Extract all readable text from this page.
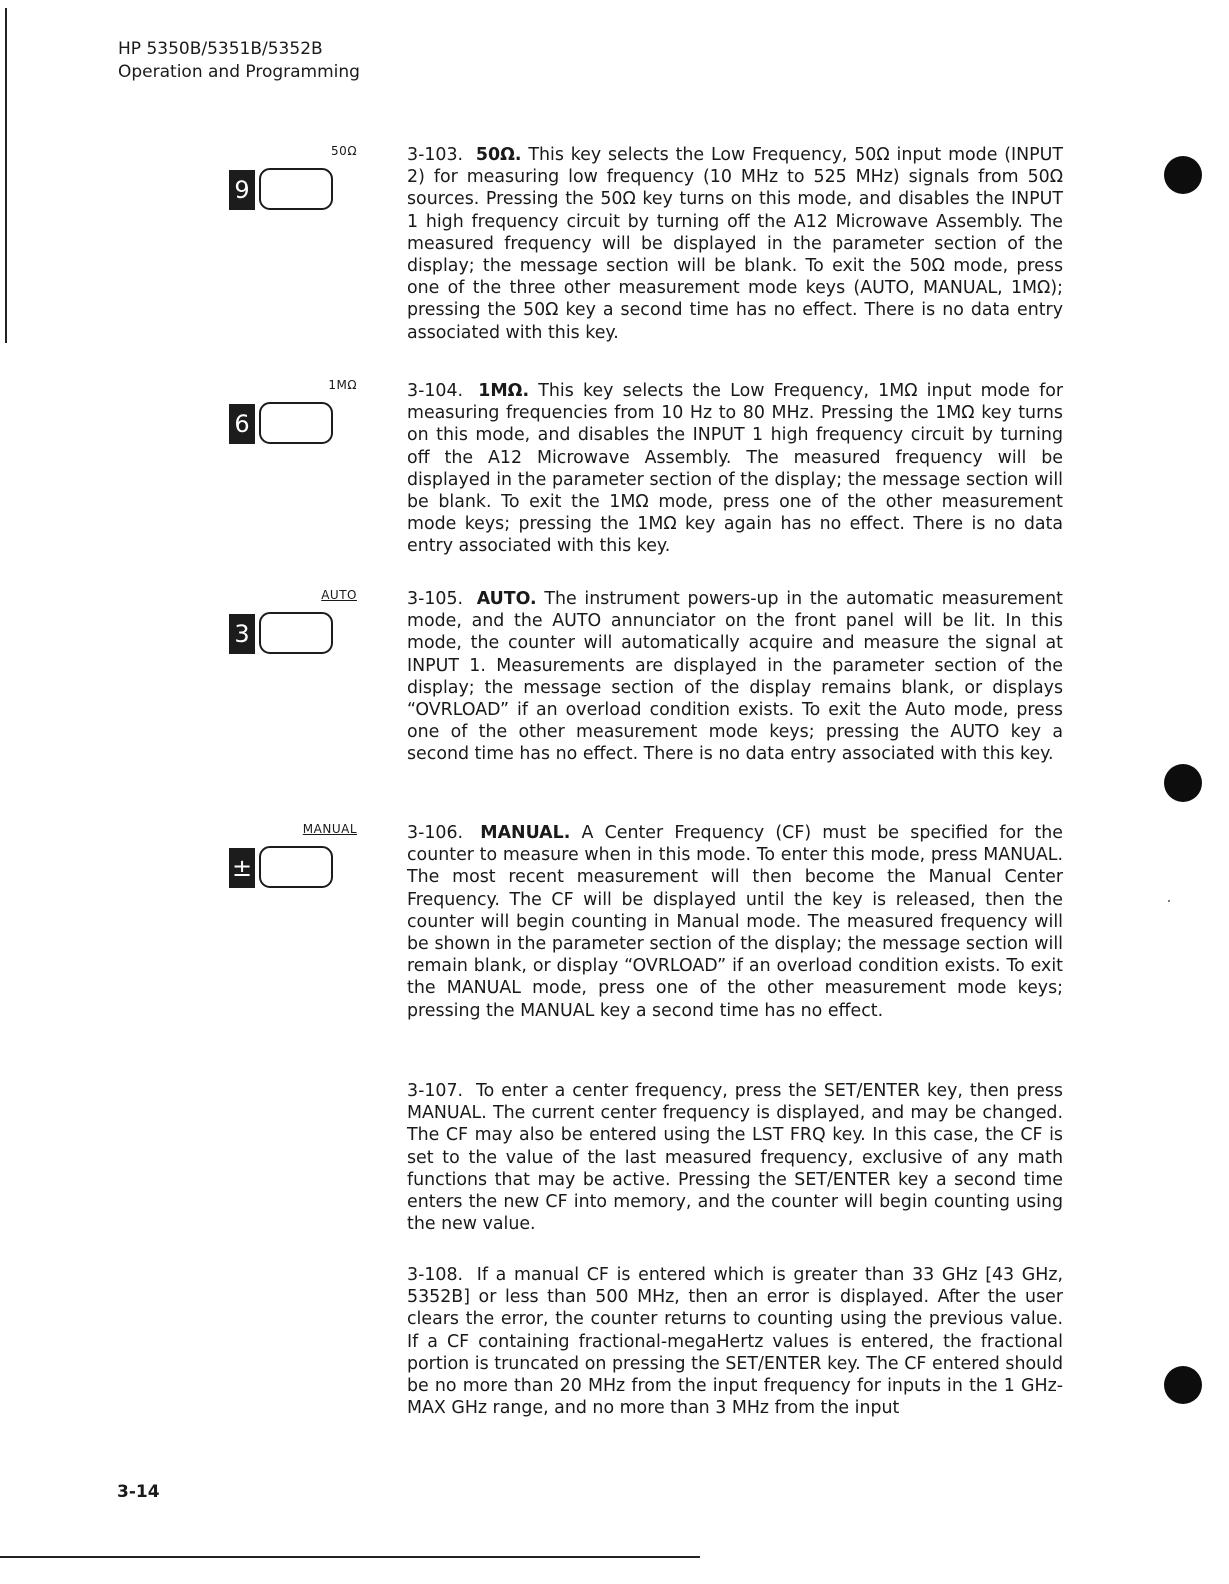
HP 5350B/5351B/5352B
Operation and Programming
50Ω
9
3-103. 50Ω. This key selects the Low Frequency, 50Ω input mode (INPUT 2) for measuring low frequency (10 MHz to 525 MHz) signals from 50Ω sources. Pressing the 50Ω key turns on this mode, and disables the INPUT 1 high frequency circuit by turning off the A12 Microwave Assembly. The measured frequency will be displayed in the parameter section of the display; the message section will be blank. To exit the 50Ω mode, press one of the three other measurement mode keys (AUTO, MANUAL, 1MΩ); pressing the 50Ω key a second time has no effect. There is no data entry associated with this key.
1MΩ
6
3-104. 1MΩ. This key selects the Low Frequency, 1MΩ input mode for measuring frequencies from 10 Hz to 80 MHz. Pressing the 1MΩ key turns on this mode, and disables the INPUT 1 high frequency circuit by turning off the A12 Microwave Assembly. The measured frequency will be displayed in the parameter section of the display; the message section will be blank. To exit the 1MΩ mode, press one of the other measurement mode keys; pressing the 1MΩ key again has no effect. There is no data entry associated with this key.
AUTO
3
3-105. AUTO. The instrument powers-up in the automatic measurement mode, and the AUTO annunciator on the front panel will be lit. In this mode, the counter will automatically acquire and measure the signal at INPUT 1. Measurements are displayed in the parameter section of the display; the message section of the display remains blank, or displays “OVRLOAD” if an overload condition exists. To exit the Auto mode, press one of the other measurement mode keys; pressing the AUTO key a second time has no effect. There is no data entry associated with this key.
MANUAL
±
3-106. MANUAL. A Center Frequency (CF) must be specified for the counter to measure when in this mode. To enter this mode, press MANUAL. The most recent measurement will then become the Manual Center Frequency. The CF will be displayed until the key is released, then the counter will begin counting in Manual mode. The measured frequency will be shown in the parameter section of the display; the message section will remain blank, or display “OVRLOAD” if an overload condition exists. To exit the MANUAL mode, press one of the other measurement mode keys; pressing the MANUAL key a second time has no effect.
3-107. To enter a center frequency, press the SET/ENTER key, then press MANUAL. The current center frequency is displayed, and may be changed. The CF may also be entered using the LST FRQ key. In this case, the CF is set to the value of the last measured frequency, exclusive of any math functions that may be active. Pressing the SET/ENTER key a second time enters the new CF into memory, and the counter will begin counting using the new value.
3-108. If a manual CF is entered which is greater than 33 GHz [43 GHz, 5352B] or less than 500 MHz, then an error is displayed. After the user clears the error, the counter returns to counting using the previous value. If a CF containing fractional-megaHertz values is entered, the fractional portion is truncated on pressing the SET/ENTER key. The CF entered should be no more than 20 MHz from the input frequency for inputs in the 1 GHz-MAX GHz range, and no more than 3 MHz from the input
3-14
